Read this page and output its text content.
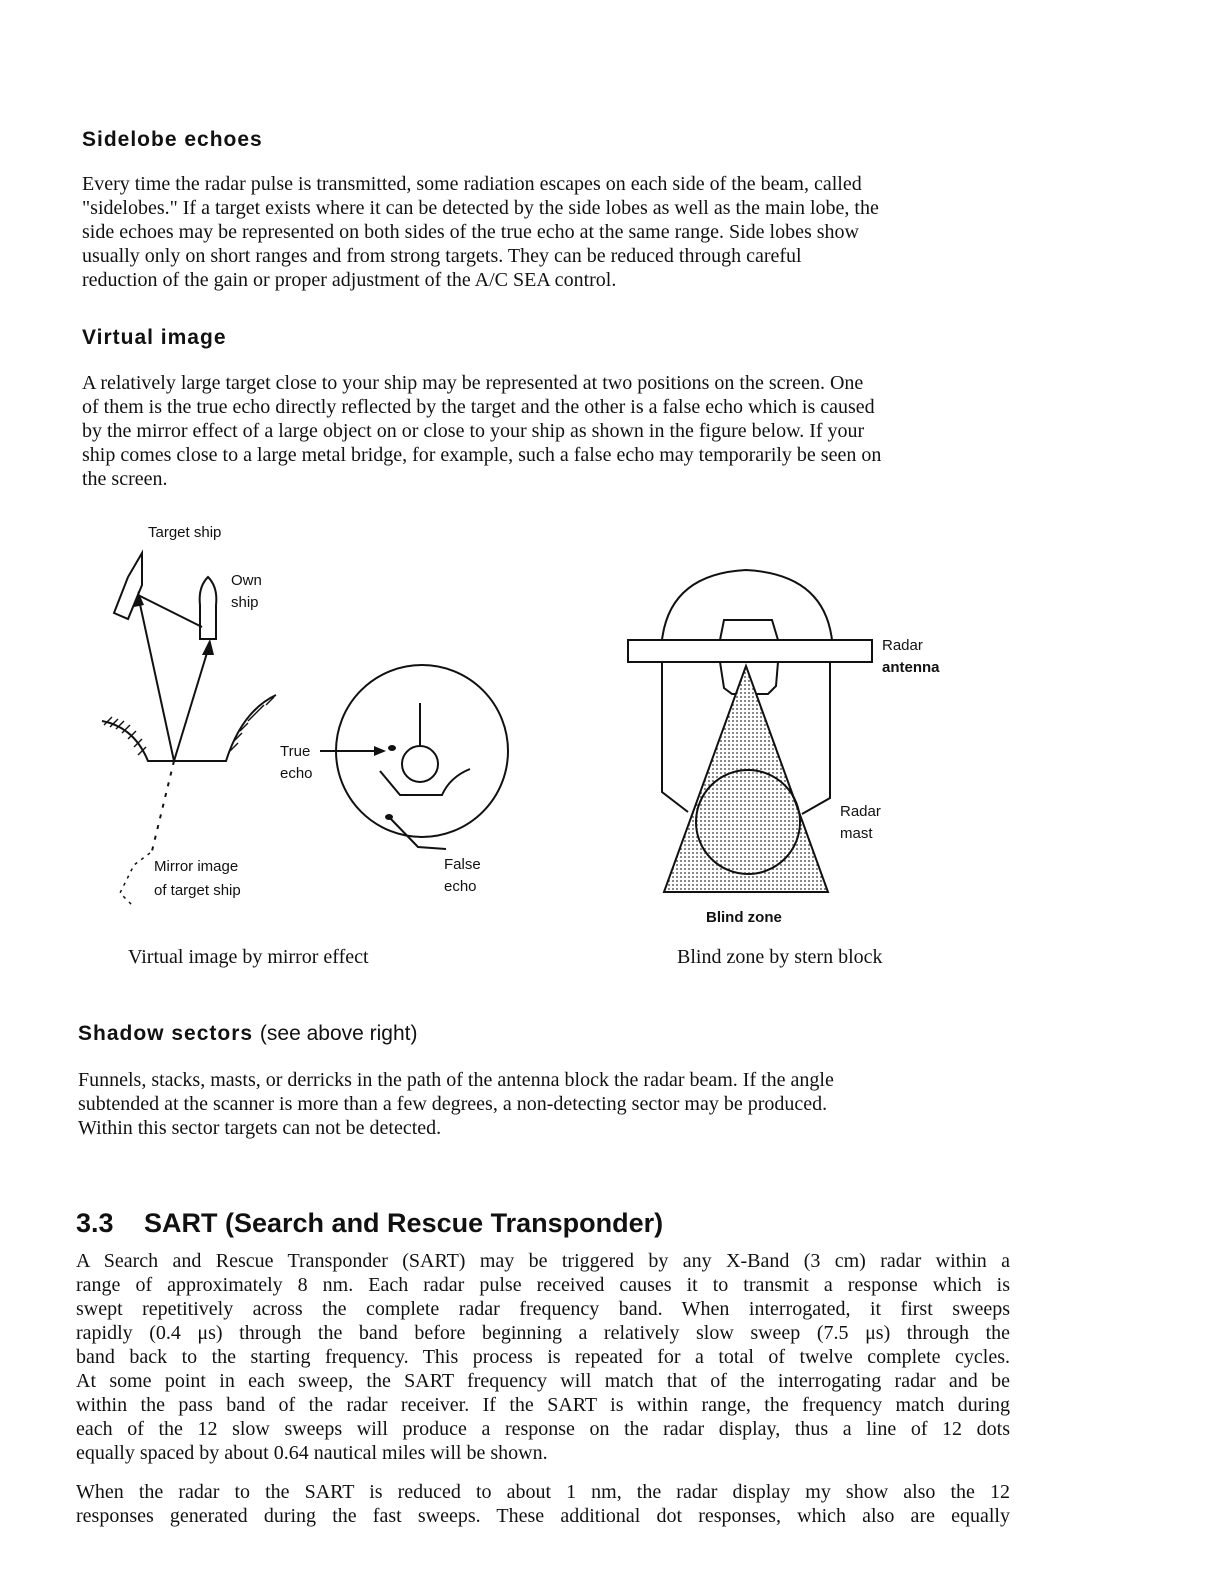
Sidelobe echoes
Every time the radar pulse is transmitted, some radiation escapes on each side of the beam, called
"sidelobes." If a target exists where it can be detected by the side lobes as well as the main lobe, the
side echoes may be represented on both sides of the true echo at the same range. Side lobes show
usually only on short ranges and from strong targets. They can be reduced through careful
reduction of the gain or proper adjustment of the A/C SEA control.
Virtual image
A relatively large target close to your ship may be represented at two positions on the screen. One
of them is the true echo directly reflected by the target and the other is a false echo which is caused
by the mirror effect of a large object on or close to your ship as shown in the figure below. If your
ship comes close to a large metal bridge, for example, such a false echo may temporarily be seen on
the screen.
Target ship
Own
ship
Mirror image
of target ship
True
echo
False
echo
Virtual image by mirror effect
Radar
antenna
Radar
mast
Blind zone
Blind zone by stern block
Shadow sectors (see above right)
Funnels, stacks, masts, or derricks in the path of the antenna block the radar beam. If the angle
subtended at the scanner is more than a few degrees, a non-detecting sector may be produced.
Within this sector targets can not be detected.
3.3 SART (Search and Rescue Transponder)
A Search and Rescue Transponder (SART) may be triggered by any X-Band (3 cm) radar within a
range of approximately 8 nm. Each radar pulse received causes it to transmit a response which is
swept repetitively across the complete radar frequency band. When interrogated, it first sweeps
rapidly (0.4 μs) through the band before beginning a relatively slow sweep (7.5 μs) through the
band back to the starting frequency. This process is repeated for a total of twelve complete cycles.
At some point in each sweep, the SART frequency will match that of the interrogating radar and be
within the pass band of the radar receiver. If the SART is within range, the frequency match during
each of the 12 slow sweeps will produce a response on the radar display, thus a line of 12 dots
equally spaced by about 0.64 nautical miles will be shown.
When the radar to the SART is reduced to about 1 nm, the radar display my show also the 12
responses generated during the fast sweeps. These additional dot responses, which also are equally
